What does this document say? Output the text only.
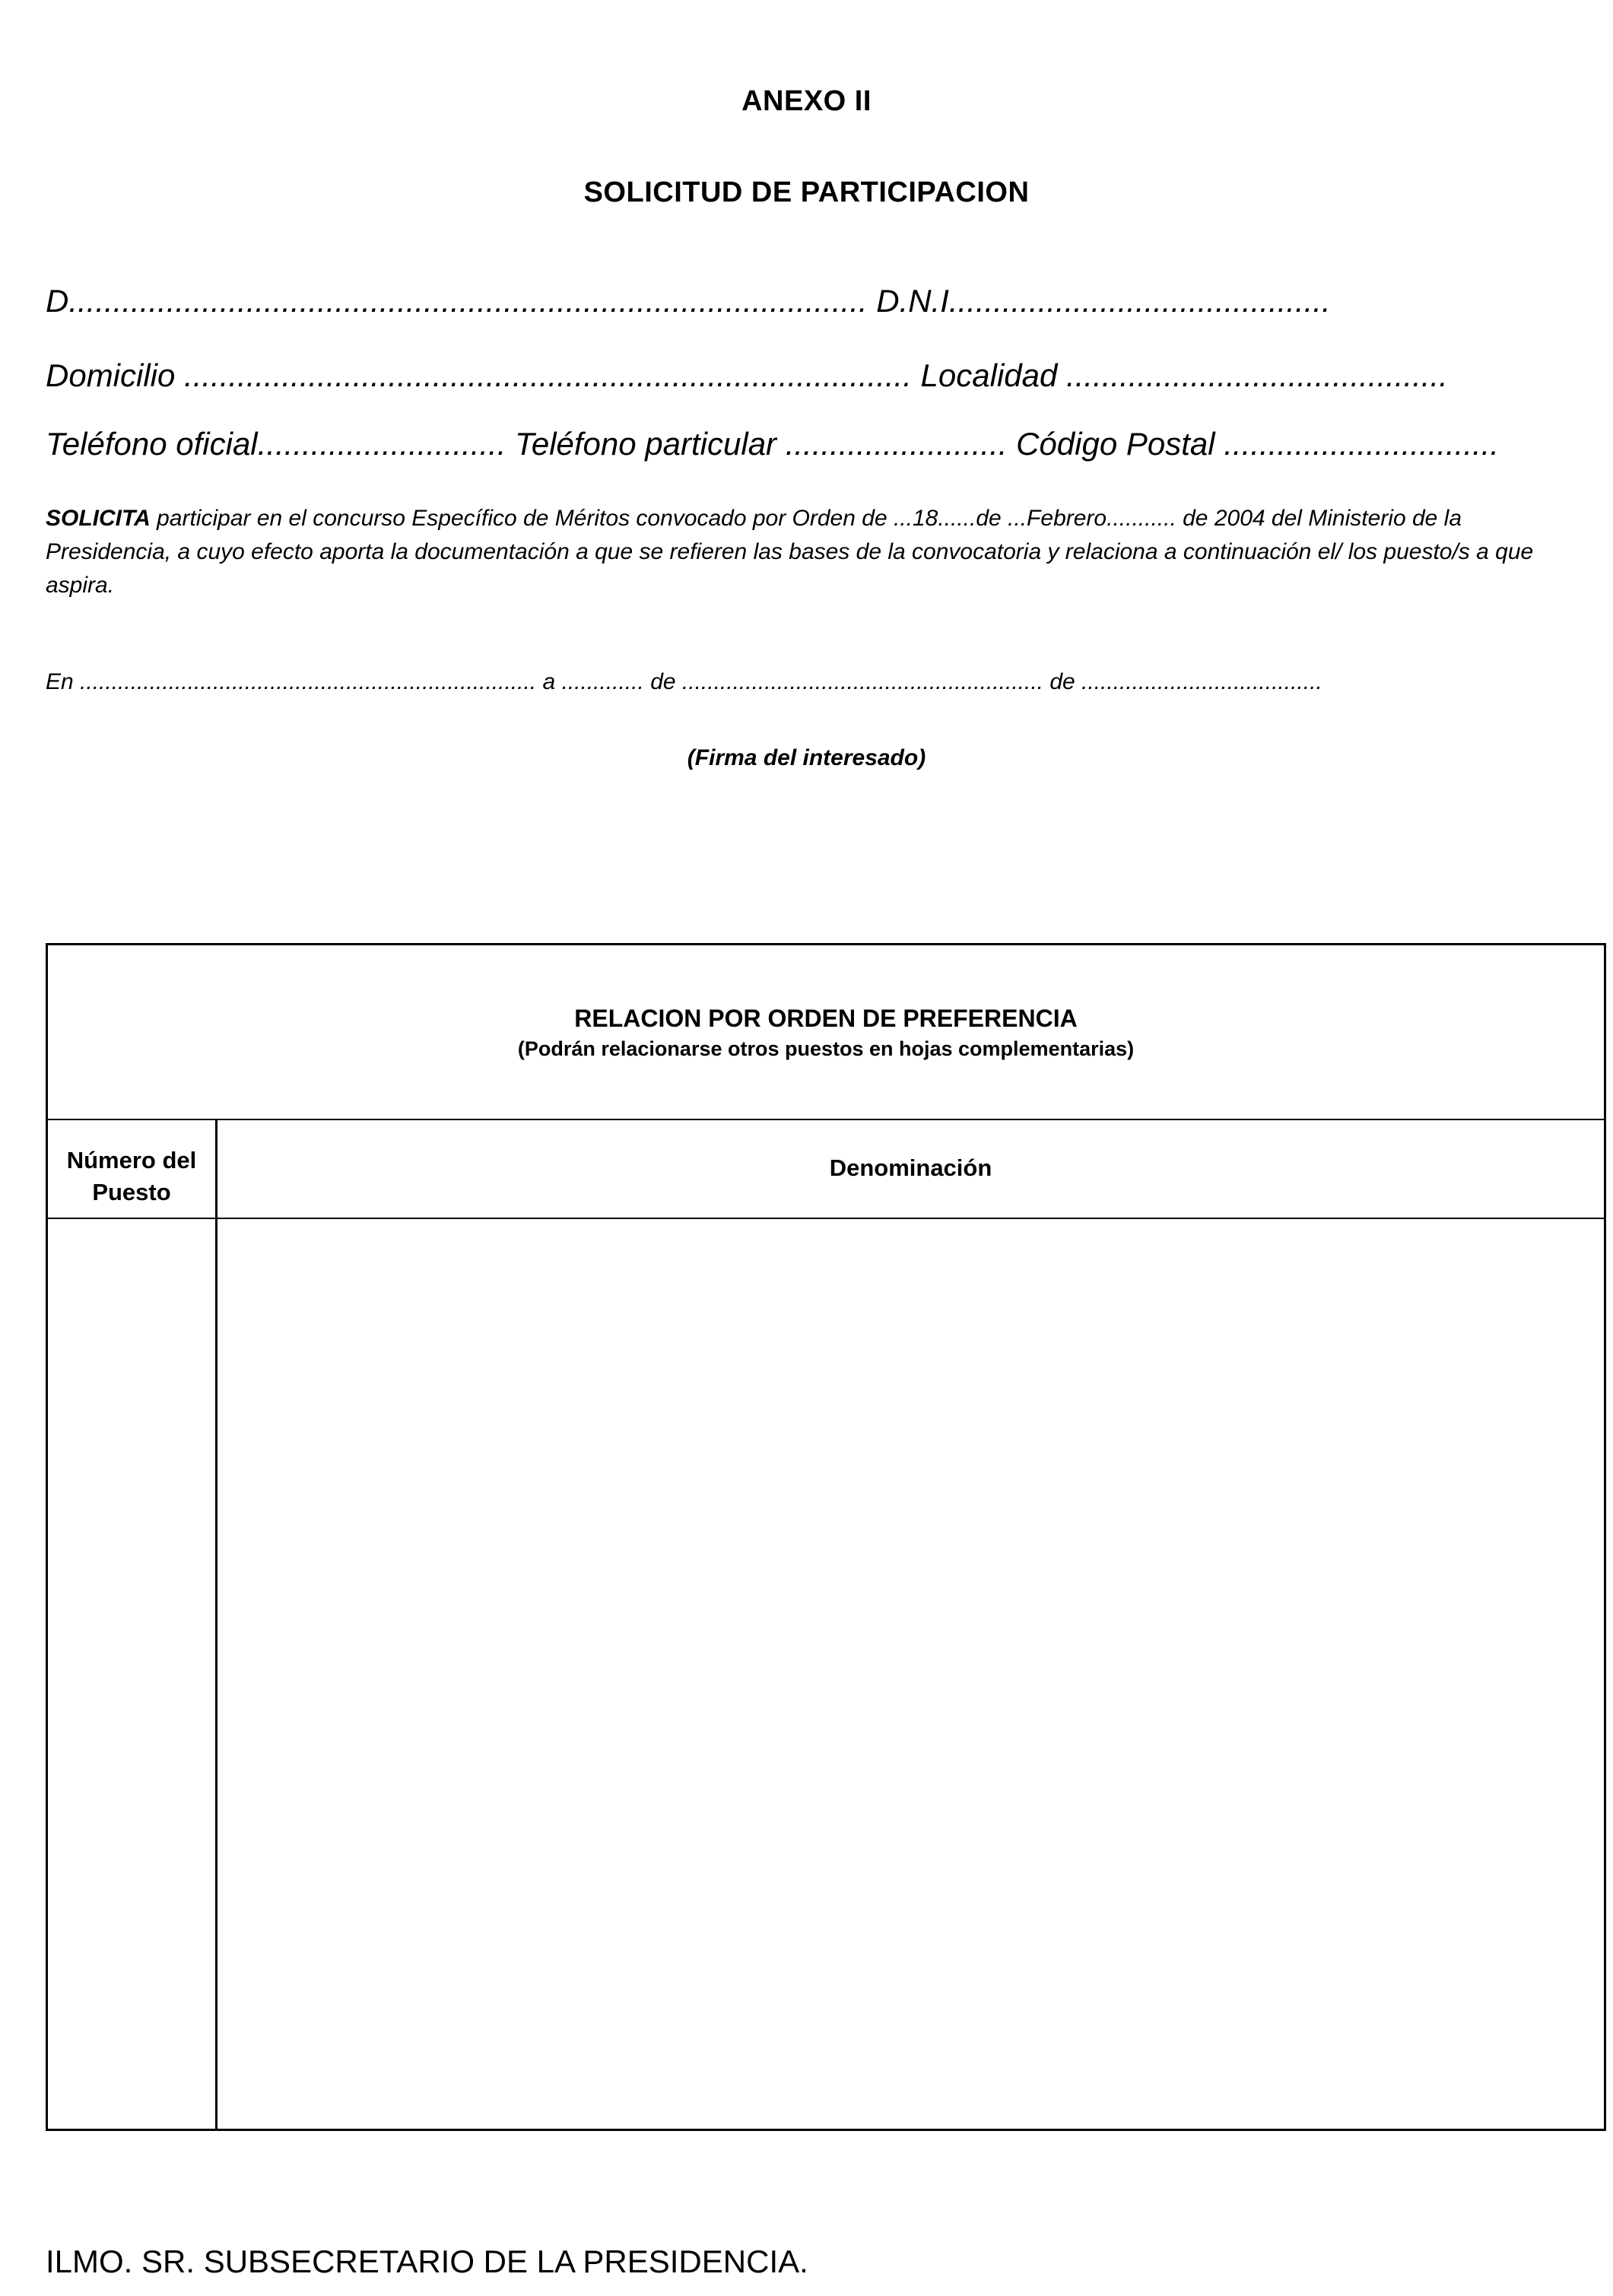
ANEXO II
SOLICITUD DE PARTICIPACION
D.......................................................................................... D.N.I...........................................
Domicilio .................................................................................. Localidad ...........................................
Teléfono oficial............................ Teléfono particular ......................... Código Postal ...............................
SOLICITA participar en el concurso Específico de Méritos convocado por Orden de ...18......de ...Febrero........... de 2004 del Ministerio de la Presidencia, a cuyo efecto aporta la documentación a que se refieren las bases de la convocatoria y relaciona a continuación el/ los puesto/s a que aspira.
En ........................................................................ a ............. de ......................................................... de ......................................
(Firma del interesado)
RELACION POR ORDEN DE PREFERENCIA
(Podrán relacionarse otros puestos en hojas complementarias)
Número del
Puesto
Denominación
ILMO. SR. SUBSECRETARIO DE LA PRESIDENCIA.
